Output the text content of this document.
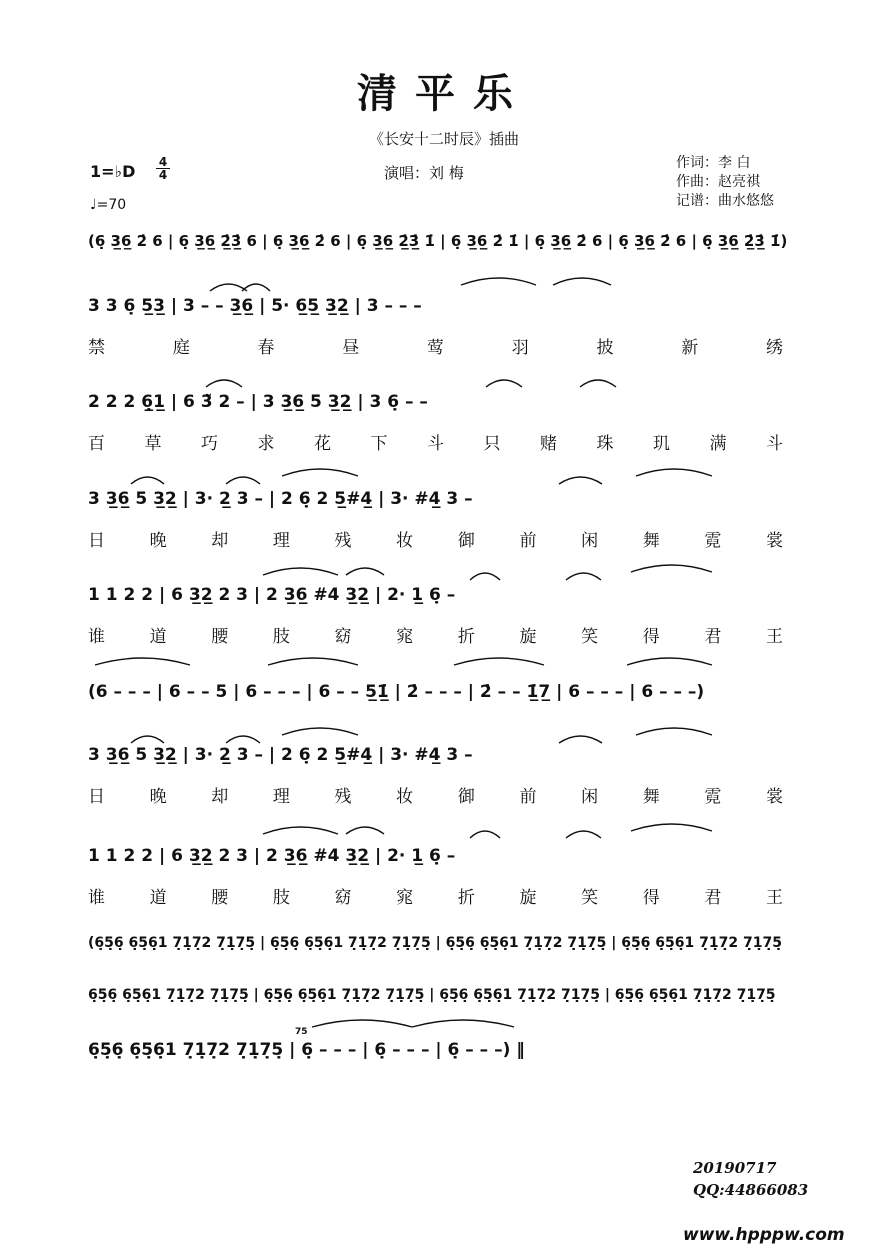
清平乐
《长安十二时辰》插曲
1=♭D $\frac{4}{4}$
♩=70
演唱：刘 梅
作词：李 白
作曲：赵亮祺
记谱：曲水悠悠
(6̣ 3̲6̲ 2̇ 6 | 6̣ 3̲6̲ 2̲̇3̲̇ 6 | 6̣ 3̲6̲ 2̇ 6 | 6̣ 3̲6̲ 2̲̇3̲̇ 1̇ | 6̣ 3̲6̲ 2̇ 1̇ | 6̣ 3̲6̲ 2̇ 6 | 6̣ 3̲6̲ 2̇ 6 | 6̣ 3̲6̲ 2̲̇3̲̇ 1̇)
3 3 6̣ 5̲3̲ | 3 – – 3̲6̲ | 5· 6̲5̲ 3̲2̲ | 3 – – –
2 2 2 6̲̣1̲ | 6 3̃ 2 – | 3 3̲6̲ 5 3̲2̲ | 3 6̣ – –
3 3̲6̲ 5 3̲2̲ | 3· 2̲ 3 – | 2 6̣ 2 5̲#4̲ | 3· #4̲ 3 –
1 1 2 2 | 6 3̲2̲ 2 3 | 2 3̲6̲ #4 3̲2̲ | 2· 1̲ 6̣ –
(6 – – – | 6 – – 5 | 6 – – – | 6 – – 5̲1̲̇ | 2̇ – – – | 2̇ – – 1̲̇7̲ | 6 – – – | 6 – – –)
3 3̲6̲ 5 3̲2̲ | 3· 2̲ 3 – | 2 6̣ 2 5̲#4̲ | 3· #4̲ 3 –
1 1 2 2 | 6 3̲2̲ 2 3 | 2 3̲6̲ #4 3̲2̲ | 2· 1̲ 6̣ –
(6̣5̣6̣ 6̣5̣6̣1 7̣1̣7̣2 7̣1̣7̣5̣ | 6̣5̣6̣ 6̣5̣6̣1 7̣1̣7̣2 7̣1̣7̣5̣ | 6̣5̣6̣ 6̣5̣6̣1 7̣1̣7̣2 7̣1̣7̣5̣ | 6̣5̣6̣ 6̣5̣6̣1 7̣1̣7̣2 7̣1̣7̣5̣
6̣5̣6̣ 6̣5̣6̣1 7̣1̣7̣2 7̣1̣7̣5̣ | 6̣5̣6̣ 6̣5̣6̣1 7̣1̣7̣2 7̣1̣7̣5̣ | 6̣5̣6̣ 6̣5̣6̣1 7̣1̣7̣2 7̣1̣7̣5̣ | 6̣5̣6̣ 6̣5̣6̣1 7̣1̣7̣2 7̣1̣7̣5̣
6̣5̣6̣ 6̣5̣6̣1 7̣1̣7̣2 7̣1̣7̣5̣ | 6̣ – – – | 6̣ – – – | 6̣ – – –) ‖
禁	庭	春	昼	莺	羽	披	新	绣
百 草 巧 求 花 下 斗 只 赌 珠 玑 满 斗
日	晚	却	理	残	妆	御	前	闲	舞	霓	裳
谁	道	腰	肢	窈	窕	折	旋	笑	得	君	王
日	晚	却	理	残	妆	御	前	闲	舞	霓	裳
谁	道	腰	肢	窈	窕	折	旋	笑	得	君	王
75
20190717
QQ:44866083
www.hpppw.com
